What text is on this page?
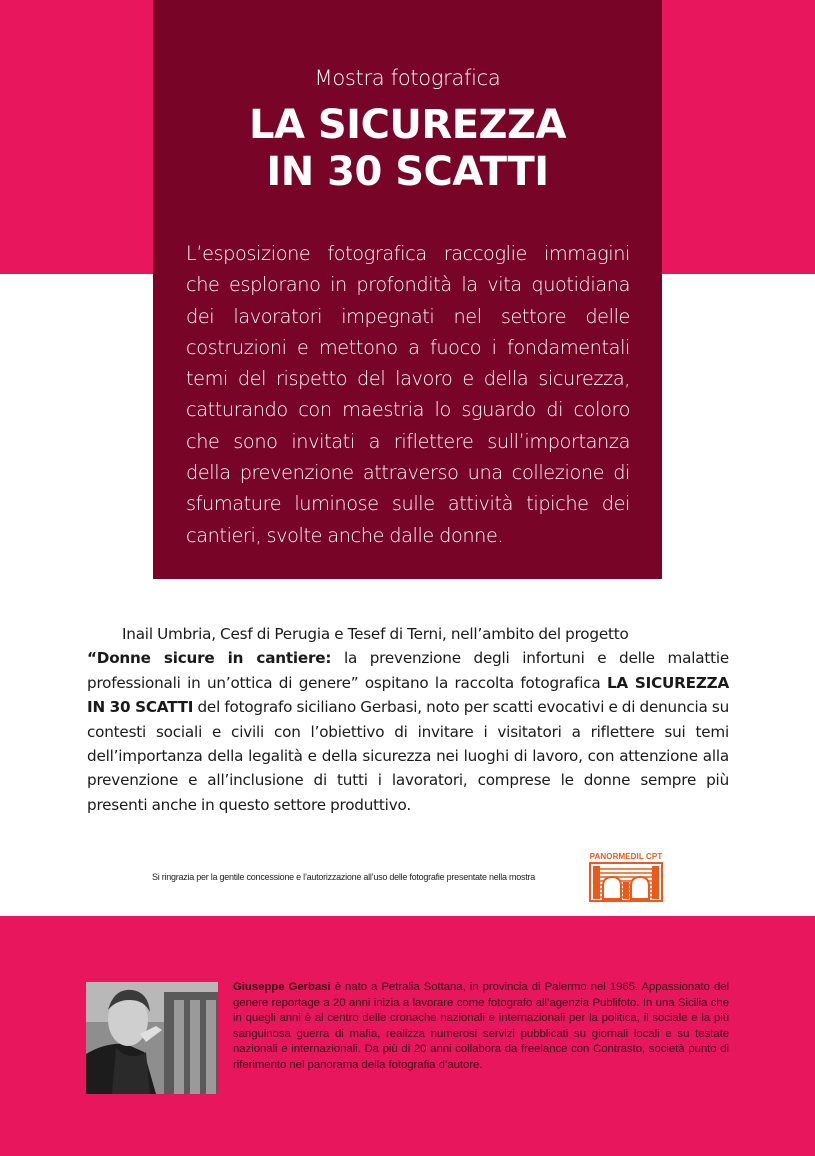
Mostra fotografica
LA SICUREZZA
IN 30 SCATTI

L’esposizione fotografica raccoglie immagini che esplorano in profondità la vita quotidiana dei lavoratori impegnati nel settore delle costruzioni e mettono a fuoco i fondamentali temi del rispetto del lavoro e della sicurezza, catturando con maestria lo sguardo di coloro che sono invitati a riflettere sull’importanza della prevenzione attraverso una collezione di sfumature luminose sulle attività tipiche dei cantieri, svolte anche dalle donne.

Inail Umbria, Cesf di Perugia e Tesef di Terni, nell’ambito del progetto
“Donne sicure in cantiere: la prevenzione degli infortuni e delle malattie professionali in un’ottica di genere” ospitano la raccolta fotografica LA SICUREZZA IN 30 SCATTI del fotografo siciliano Gerbasi, noto per scatti evocativi e di denuncia su contesti sociali e civili con l’obiettivo di invitare i visitatori a riflettere sui temi dell’importanza della legalità e della sicurezza nei luoghi di lavoro, con attenzione alla prevenzione e all’inclusione di tutti i lavoratori, comprese le donne sempre più presenti anche in questo settore produttivo.
Si ringrazia per la gentile concessione e l’autorizzazione all’uso delle fotografie presentate nella mostra
PANORMEDIL CPT
Giuseppe Gerbasi è nato a Petralia Sottana, in provincia di Palermo nel 1965. Appassionato del genere reportage a 20 anni inizia a lavorare come fotografo all’agenzia Publifoto. In una Sicilia che in quegli anni è al centro delle cronache nazionali e internazionali per la politica, il sociale e la più sanguinosa guerra di mafia, realizza numerosi servizi pubblicati su giornali locali e su testate nazionali e internazionali. Da più di 20 anni collabora da freelance con Contrasto, società punto di riferimento nel panorama della fotografia d’autore.
